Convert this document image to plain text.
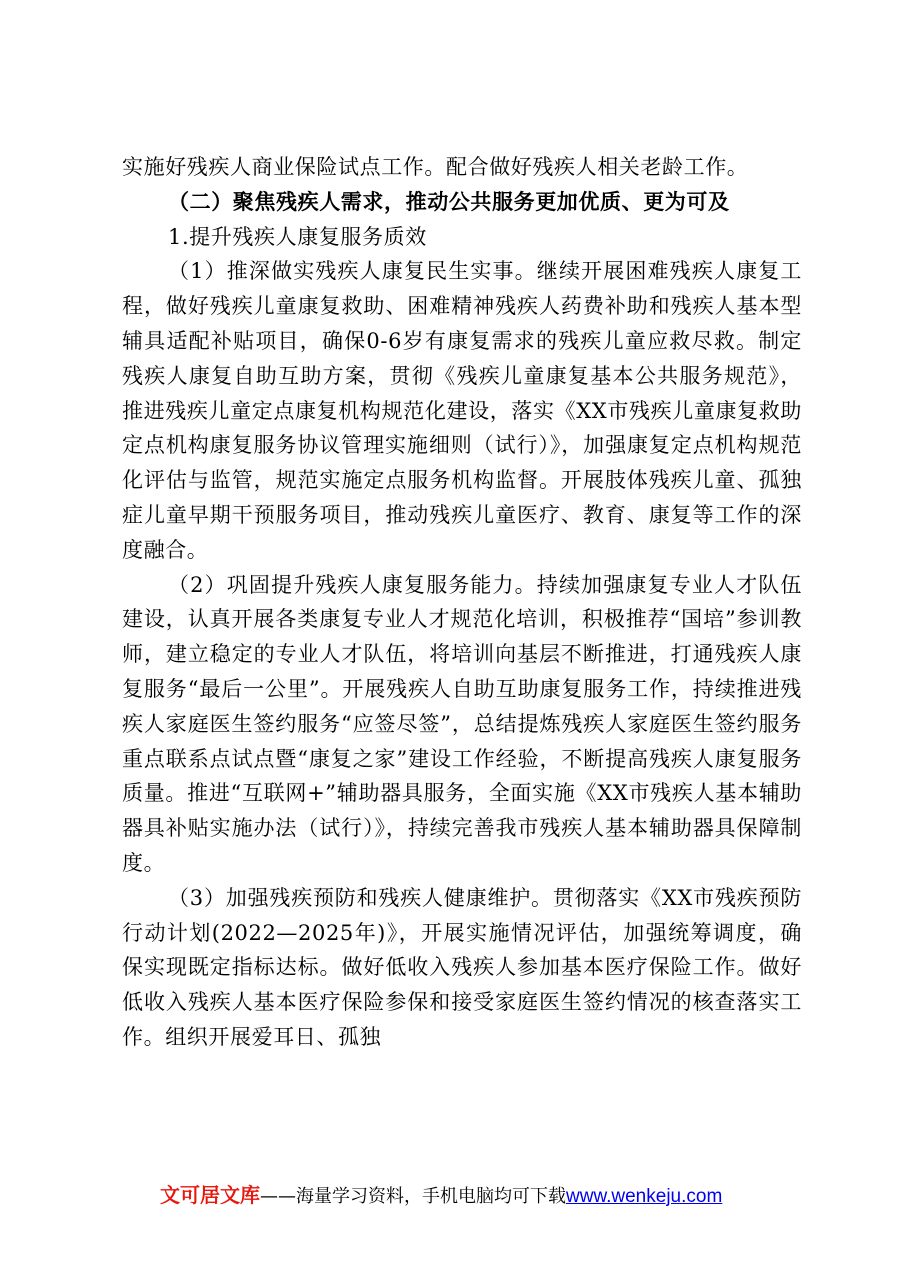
实施好残疾人商业保险试点工作。配合做好残疾人相关老龄工作。

（二）聚焦残疾人需求，推动公共服务更加优质、更为可及

1.提升残疾人康复服务质效

（1）推深做实残疾人康复民生实事。继续开展困难残疾人康复工程，做好残疾儿童康复救助、困难精神残疾人药费补助和残疾人基本型辅具适配补贴项目，确保0-6岁有康复需求的残疾儿童应救尽救。制定残疾人康复自助互助方案，贯彻《残疾儿童康复基本公共服务规范》，推进残疾儿童定点康复机构规范化建设，落实《XX市残疾儿童康复救助定点机构康复服务协议管理实施细则（试行）》，加强康复定点机构规范化评估与监管，规范实施定点服务机构监督。开展肢体残疾儿童、孤独症儿童早期干预服务项目，推动残疾儿童医疗、教育、康复等工作的深度融合。

（2）巩固提升残疾人康复服务能力。持续加强康复专业人才队伍建设，认真开展各类康复专业人才规范化培训，积极推荐“国培”参训教师，建立稳定的专业人才队伍，将培训向基层不断推进，打通残疾人康复服务“最后一公里”。开展残疾人自助互助康复服务工作，持续推进残疾人家庭医生签约服务“应签尽签”，总结提炼残疾人家庭医生签约服务重点联系点试点暨“康复之家”建设工作经验，不断提高残疾人康复服务质量。推进“互联网+”辅助器具服务，全面实施《XX市残疾人基本辅助器具补贴实施办法（试行）》，持续完善我市残疾人基本辅助器具保障制度。

（3）加强残疾预防和残疾人健康维护。贯彻落实《XX市残疾预防行动计划(2022—2025年)》，开展实施情况评估，加强统筹调度，确保实现既定指标达标。做好低收入残疾人参加基本医疗保险工作。做好低收入残疾人基本医疗保险参保和接受家庭医生签约情况的核查落实工作。组织开展爱耳日、孤独

文可居文库——海量学习资料，手机电脑均可下载www.wenkeju.com
